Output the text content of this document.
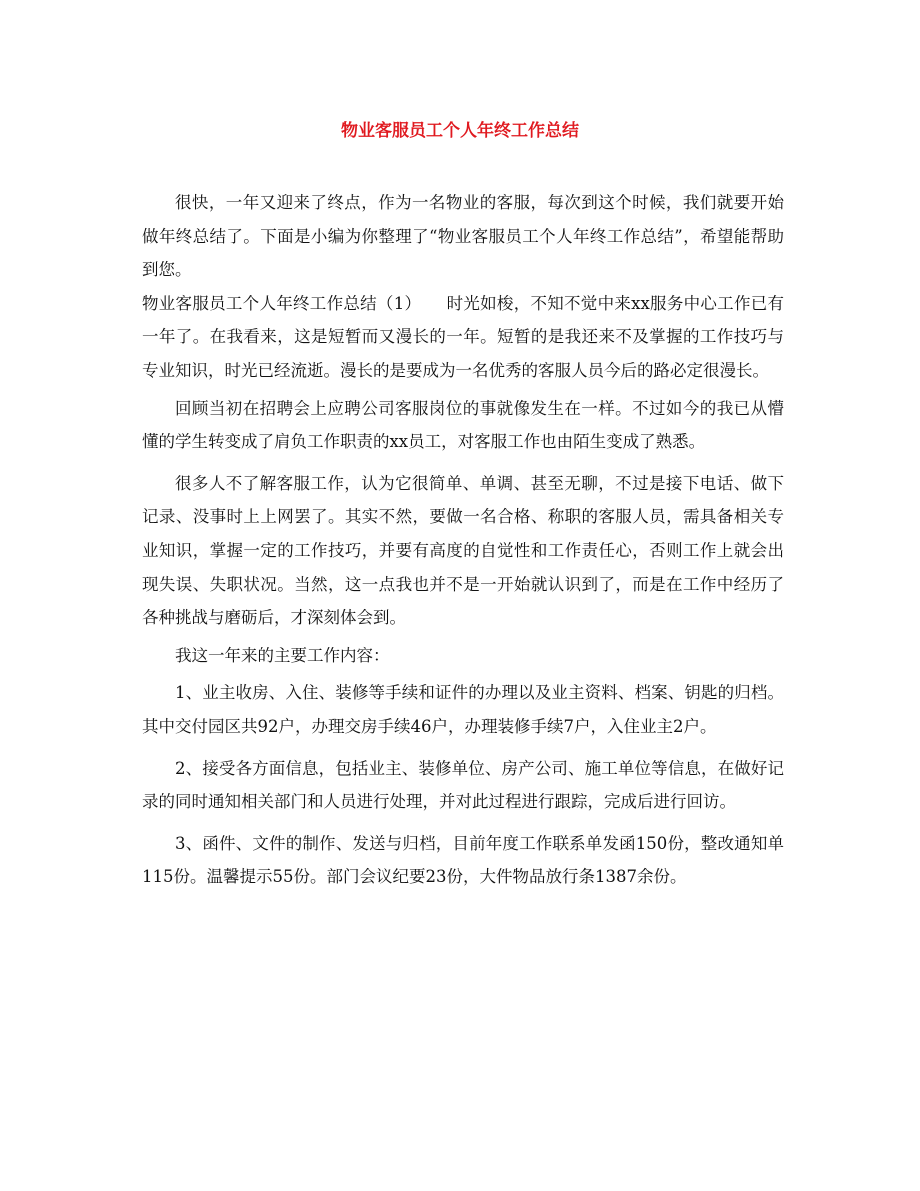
物业客服员工个人年终工作总结

很快，一年又迎来了终点，作为一名物业的客服，每次到这个时候，我们就要开始做年终总结了。下面是小编为你整理了“物业客服员工个人年终工作总结”，希望能帮助到您。

物业客服员工个人年终工作总结（1）　　时光如梭，不知不觉中来xx服务中心工作已有一年了。在我看来，这是短暂而又漫长的一年。短暂的是我还来不及掌握的工作技巧与专业知识，时光已经流逝。漫长的是要成为一名优秀的客服人员今后的路必定很漫长。

回顾当初在招聘会上应聘公司客服岗位的事就像发生在一样。不过如今的我已从懵懂的学生转变成了肩负工作职责的xx员工，对客服工作也由陌生变成了熟悉。

很多人不了解客服工作，认为它很简单、单调、甚至无聊，不过是接下电话、做下记录、没事时上上网罢了。其实不然，要做一名合格、称职的客服人员，需具备相关专业知识，掌握一定的工作技巧，并要有高度的自觉性和工作责任心，否则工作上就会出现失误、失职状况。当然，这一点我也并不是一开始就认识到了，而是在工作中经历了各种挑战与磨砺后，才深刻体会到。

我这一年来的主要工作内容：

1、业主收房、入住、装修等手续和证件的办理以及业主资料、档案、钥匙的归档。其中交付园区共92户，办理交房手续46户，办理装修手续7户，入住业主2户。

2、接受各方面信息，包括业主、装修单位、房产公司、施工单位等信息，在做好记录的同时通知相关部门和人员进行处理，并对此过程进行跟踪，完成后进行回访。

3、函件、文件的制作、发送与归档，目前年度工作联系单发函150份，整改通知单115份。温馨提示55份。部门会议纪要23份，大件物品放行条1387余份。
